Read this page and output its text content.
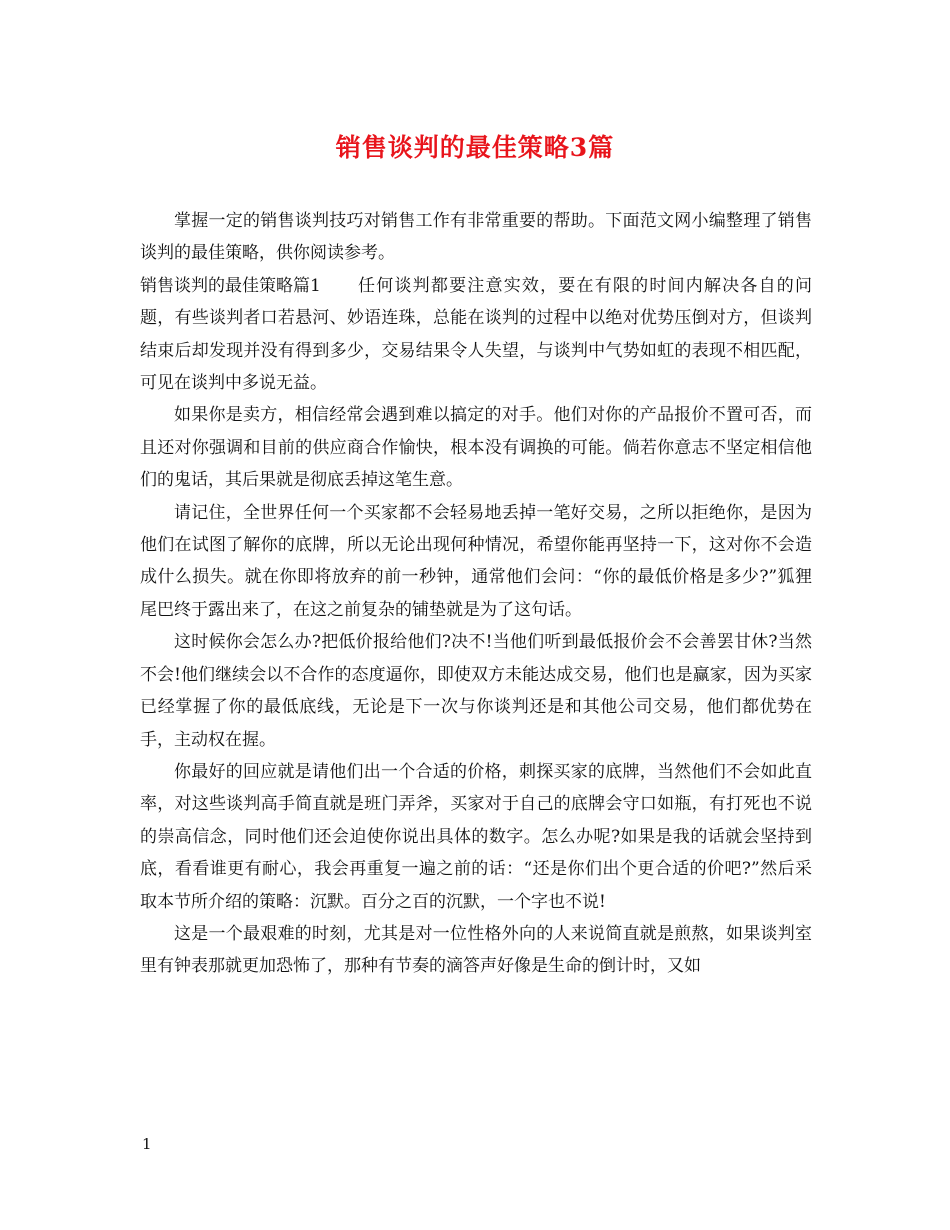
销售谈判的最佳策略3篇

掌握一定的销售谈判技巧对销售工作有非常重要的帮助。下面范文网小编整理了销售谈判的最佳策略，供你阅读参考。

销售谈判的最佳策略篇1 任何谈判都要注意实效，要在有限的时间内解决各自的问题，有些谈判者口若悬河、妙语连珠，总能在谈判的过程中以绝对优势压倒对方，但谈判结束后却发现并没有得到多少，交易结果令人失望，与谈判中气势如虹的表现不相匹配，可见在谈判中多说无益。

如果你是卖方，相信经常会遇到难以搞定的对手。他们对你的产品报价不置可否，而且还对你强调和目前的供应商合作愉快，根本没有调换的可能。倘若你意志不坚定相信他们的鬼话，其后果就是彻底丢掉这笔生意。

请记住，全世界任何一个买家都不会轻易地丢掉一笔好交易，之所以拒绝你，是因为他们在试图了解你的底牌，所以无论出现何种情况，希望你能再坚持一下，这对你不会造成什么损失。就在你即将放弃的前一秒钟，通常他们会问：“你的最低价格是多少?”狐狸尾巴终于露出来了，在这之前复杂的铺垫就是为了这句话。

这时候你会怎么办?把低价报给他们?决不!当他们听到最低报价会不会善罢甘休?当然不会!他们继续会以不合作的态度逼你，即使双方未能达成交易，他们也是赢家，因为买家已经掌握了你的最低底线，无论是下一次与你谈判还是和其他公司交易，他们都优势在手，主动权在握。

你最好的回应就是请他们出一个合适的价格，刺探买家的底牌，当然他们不会如此直率，对这些谈判高手简直就是班门弄斧，买家对于自己的底牌会守口如瓶，有打死也不说的崇高信念，同时他们还会迫使你说出具体的数字。怎么办呢?如果是我的话就会坚持到底，看看谁更有耐心，我会再重复一遍之前的话：“还是你们出个更合适的价吧?”然后采取本节所介绍的策略：沉默。百分之百的沉默，一个字也不说!

这是一个最艰难的时刻，尤其是对一位性格外向的人来说简直就是煎熬，如果谈判室里有钟表那就更加恐怖了，那种有节奏的滴答声好像是生命的倒计时，又如

1
